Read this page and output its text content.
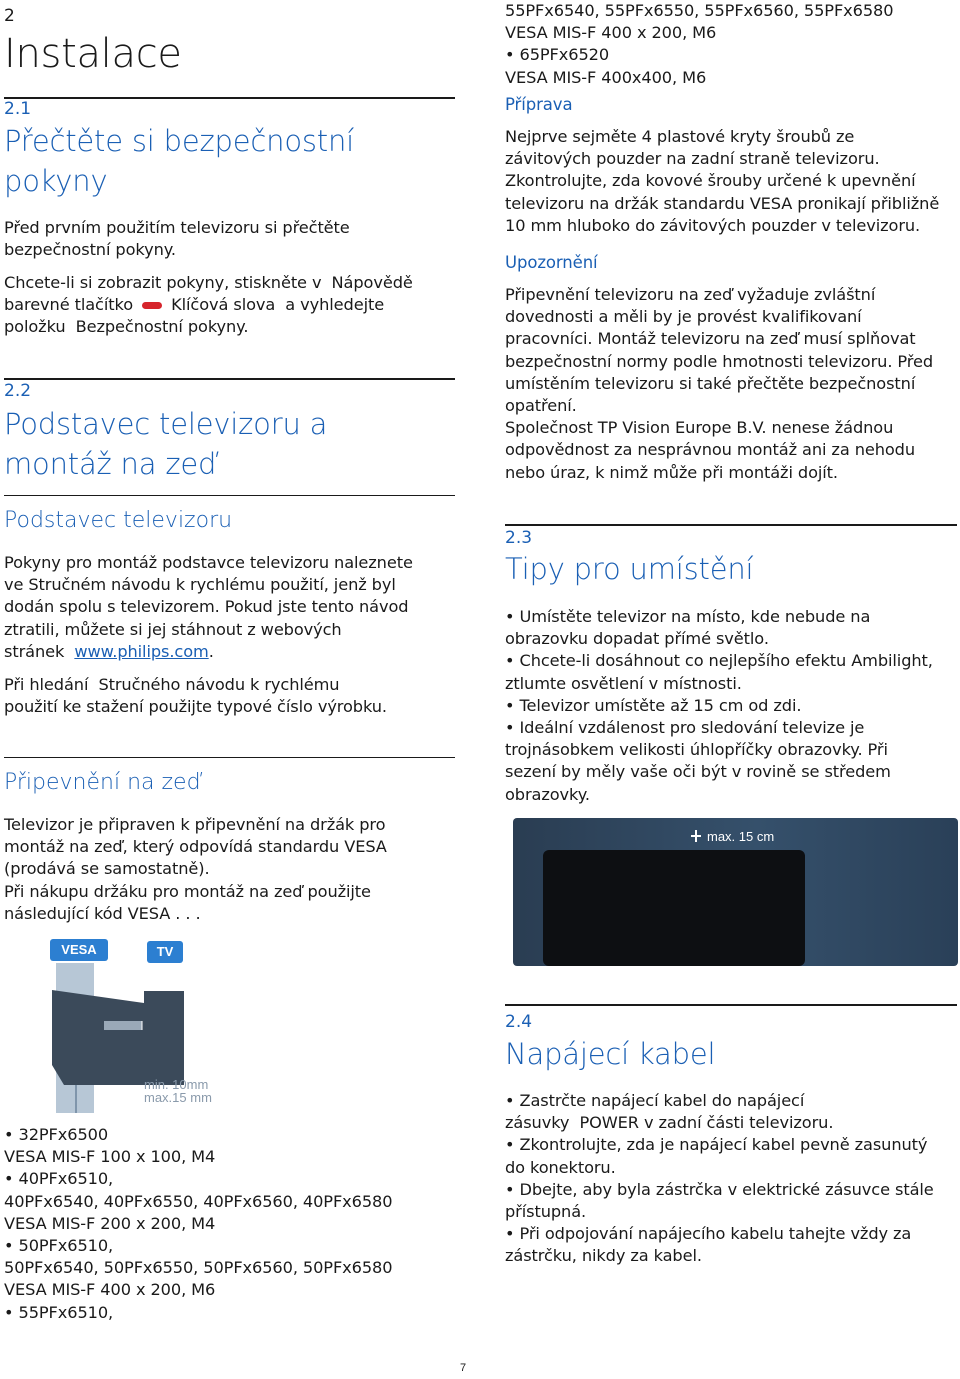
2
Instalace
2.1
Přečtěte si bezpečnostní
pokyny
Před prvním použitím televizoru si přečtěte
bezpečnostní pokyny.
Chcete-li si zobrazit pokyny, stiskněte v Nápovědě
barevné tlačítko Klíčová slova a vyhledejte
položku Bezpečnostní pokyny.
2.2
Podstavec televizoru a
montáž na zeď
Podstavec televizoru
Pokyny pro montáž podstavce televizoru naleznete
ve Stručném návodu k rychlému použití, jenž byl
dodán spolu s televizorem. Pokud jste tento návod
ztratili, můžete si jej stáhnout z webových
stránek www.philips.com.
Při hledání Stručného návodu k rychlému
použití ke stažení použijte typové číslo výrobku.
Připevnění na zeď
Televizor je připraven k připevnění na držák pro
montáž na zeď, který odpovídá standardu VESA
(prodává se samostatně).
Při nákupu držáku pro montáž na zeď použijte
následující kód VESA . . .
VESA	TV
min. 10mm
max.15 mm
• 32PFx6500
VESA MIS-F 100 x 100, M4
• 40PFx6510,
40PFx6540, 40PFx6550, 40PFx6560, 40PFx6580
VESA MIS-F 200 x 200, M4
• 50PFx6510,
50PFx6540, 50PFx6550, 50PFx6560, 50PFx6580
VESA MIS-F 400 x 200, M6
• 55PFx6510,
55PFx6540, 55PFx6550, 55PFx6560, 55PFx6580
VESA MIS-F 400 x 200, M6
• 65PFx6520
VESA MIS-F 400x400, M6
Příprava
Nejprve sejměte 4 plastové kryty šroubů ze
závitových pouzder na zadní straně televizoru.
Zkontrolujte, zda kovové šrouby určené k upevnění
televizoru na držák standardu VESA pronikají přibližně
10 mm hluboko do závitových pouzder v televizoru.
Upozornění
Připevnění televizoru na zeď vyžaduje zvláštní
dovednosti a měli by je provést kvalifikovaní
pracovníci. Montáž televizoru na zeď musí splňovat
bezpečnostní normy podle hmotnosti televizoru. Před
umístěním televizoru si také přečtěte bezpečnostní
opatření.
Společnost TP Vision Europe B.V. nenese žádnou
odpovědnost za nesprávnou montáž ani za nehodu
nebo úraz, k nimž může při montáži dojít.
2.3
Tipy pro umístění
• Umístěte televizor na místo, kde nebude na
obrazovku dopadat přímé světlo.
• Chcete-li dosáhnout co nejlepšího efektu Ambilight,
ztlumte osvětlení v místnosti.
• Televizor umístěte až 15 cm od zdi.
• Ideální vzdálenost pro sledování televize je
trojnásobkem velikosti úhlopříčky obrazovky. Při
sezení by měly vaše oči být v rovině se středem
obrazovky.
max. 15 cm
2.4
Napájecí kabel
• Zastrčte napájecí kabel do napájecí
zásuvky POWER v zadní části televizoru.
• Zkontrolujte, zda je napájecí kabel pevně zasunutý
do konektoru.
• Dbejte, aby byla zástrčka v elektrické zásuvce stále
přístupná.
• Při odpojování napájecího kabelu tahejte vždy za
zástrčku, nikdy za kabel.
7
